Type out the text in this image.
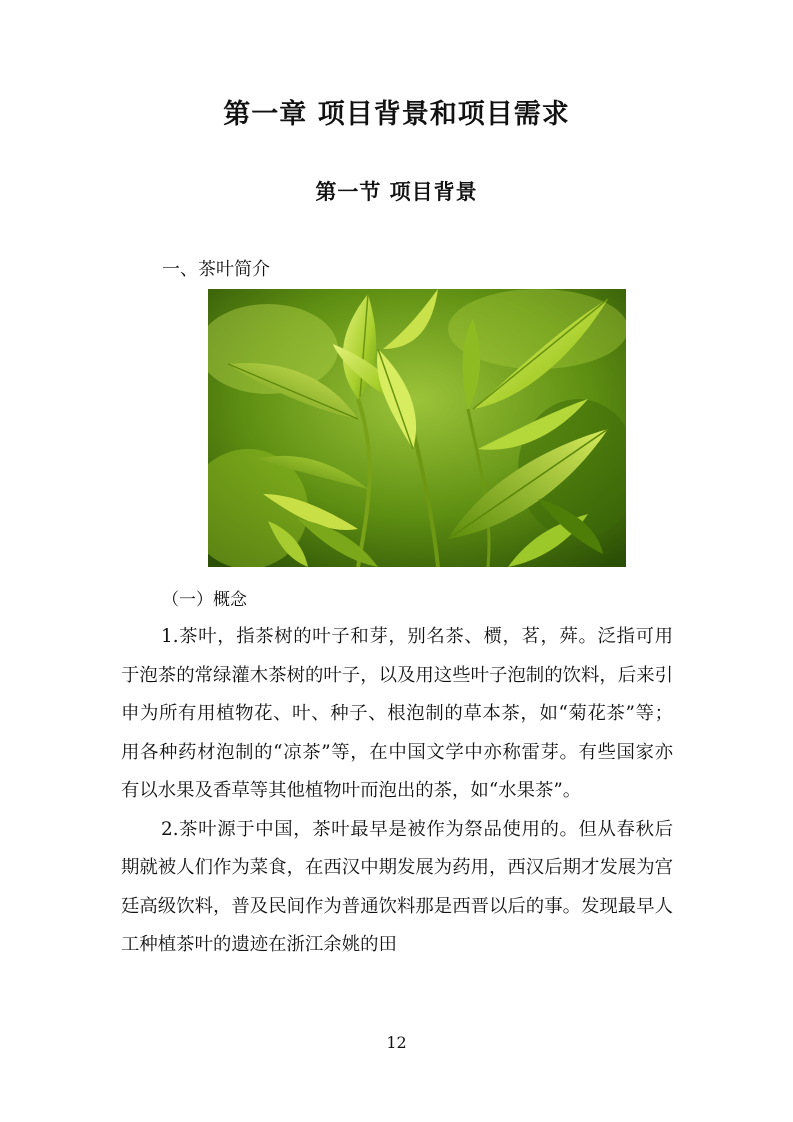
第一章 项目背景和项目需求
第一节 项目背景
一、茶叶简介
（一）概念

1.茶叶，指茶树的叶子和芽，别名茶、槚，茗，荈。泛指可用于泡茶的常绿灌木茶树的叶子，以及用这些叶子泡制的饮料，后来引申为所有用植物花、叶、种子、根泡制的草本茶，如“菊花茶”等；用各种药材泡制的“凉茶”等，在中国文学中亦称雷芽。有些国家亦有以水果及香草等其他植物叶而泡出的茶，如“水果茶”。

2.茶叶源于中国，茶叶最早是被作为祭品使用的。但从春秋后期就被人们作为菜食，在西汉中期发展为药用，西汉后期才发展为宫廷高级饮料，普及民间作为普通饮料那是西晋以后的事。发现最早人工种植茶叶的遗迹在浙江余姚的田

12
